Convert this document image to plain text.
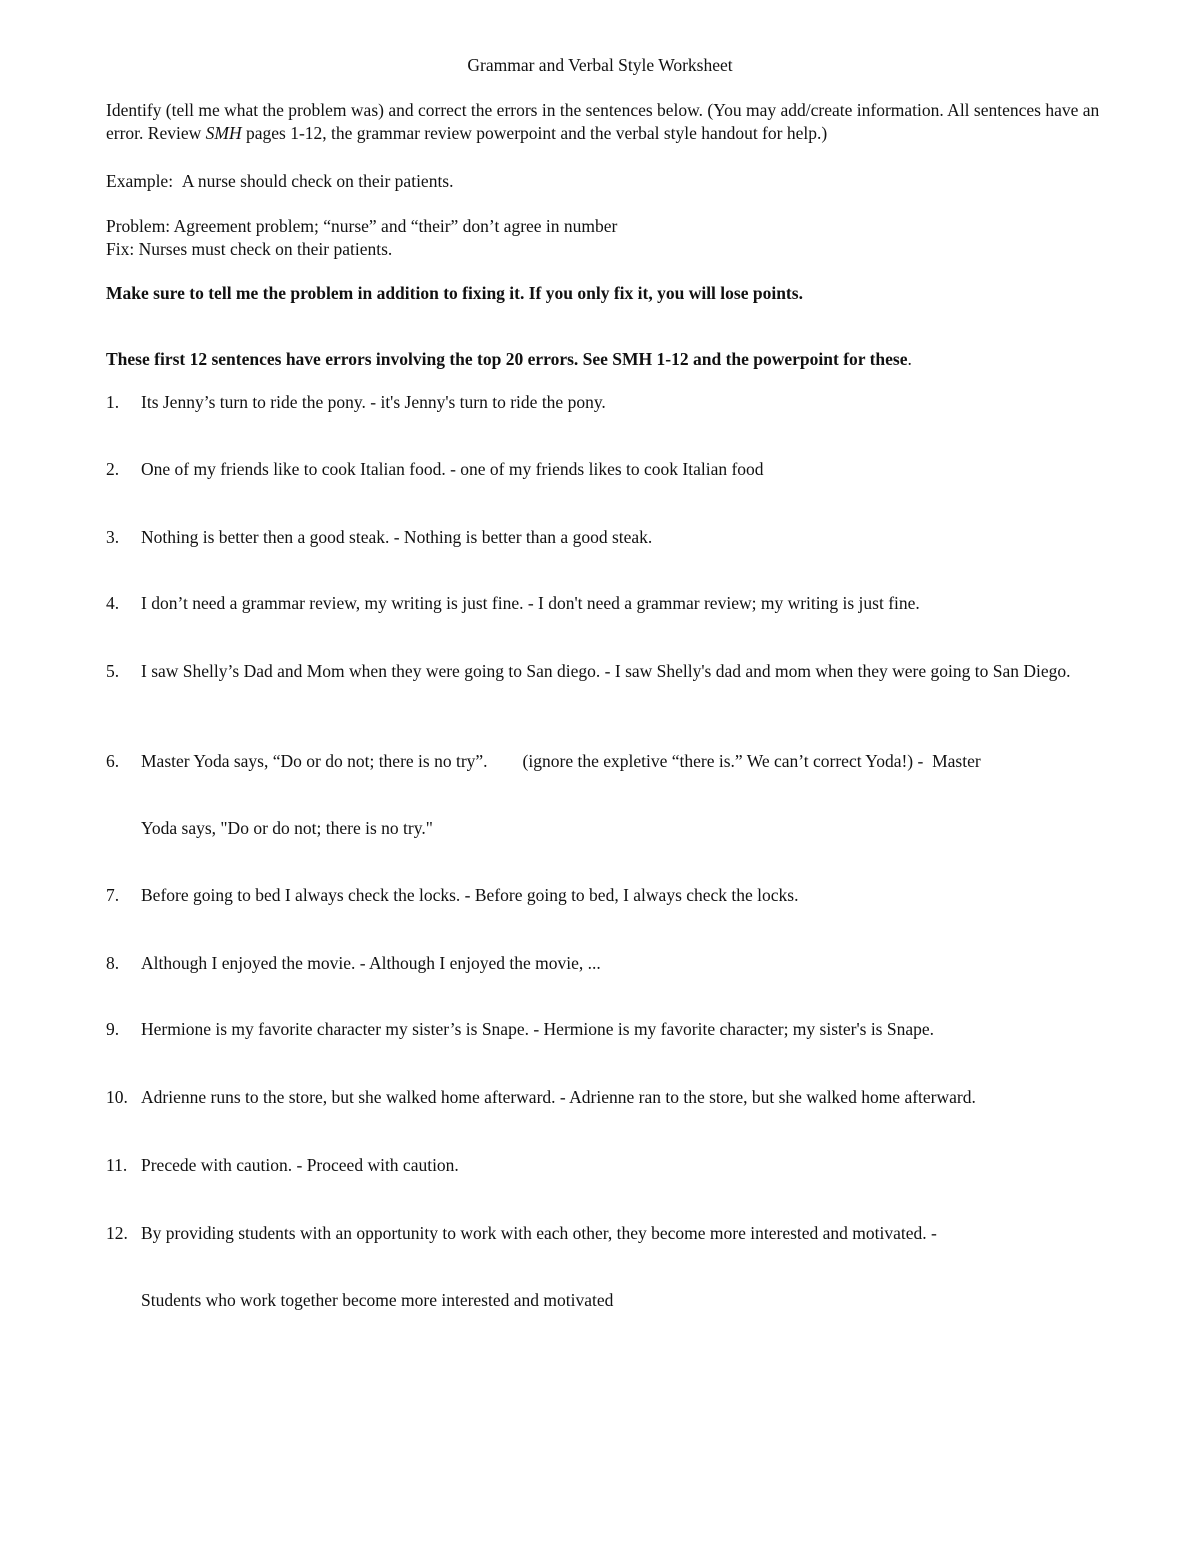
Grammar and Verbal Style Worksheet
Identify (tell me what the problem was) and correct the errors in the sentences below. (You may add/create information. All sentences have an error. Review SMH pages 1-12, the grammar review powerpoint and the verbal style handout for help.)
Example: A nurse should check on their patients.
Problem: Agreement problem; “nurse” and “their” don’t agree in number
Fix: Nurses must check on their patients.
Make sure to tell me the problem in addition to fixing it. If you only fix it, you will lose points.
These first 12 sentences have errors involving the top 20 errors. See SMH 1-12 and the powerpoint for these.
1.	Its Jenny’s turn to ride the pony. - it's Jenny's turn to ride the pony.
2.	One of my friends like to cook Italian food. - one of my friends likes to cook Italian food
3.	Nothing is better then a good steak. - Nothing is better than a good steak.
4.	I don’t need a grammar review, my writing is just fine. - I don't need a grammar review; my writing is just fine.
5.	I saw Shelly’s Dad and Mom when they were going to San diego. - I saw Shelly's dad and mom when they were going to San Diego.
6.	Master Yoda says, “Do or do not; there is no try”.        (ignore the expletive “there is.” We can’t correct Yoda!) -  Master
Yoda says, "Do or do not; there is no try."
7.	Before going to bed I always check the locks. - Before going to bed, I always check the locks.
8.	Although I enjoyed the movie. - Although I enjoyed the movie, ...
9.	Hermione is my favorite character my sister’s is Snape. - Hermione is my favorite character; my sister's is Snape.
10. Adrienne runs to the store, but she walked home afterward. - Adrienne ran to the store, but she walked home afterward.
11. Precede with caution. - Proceed with caution.
12. By providing students with an opportunity to work with each other, they become more interested and motivated. -
Students who work together become more interested and motivated
